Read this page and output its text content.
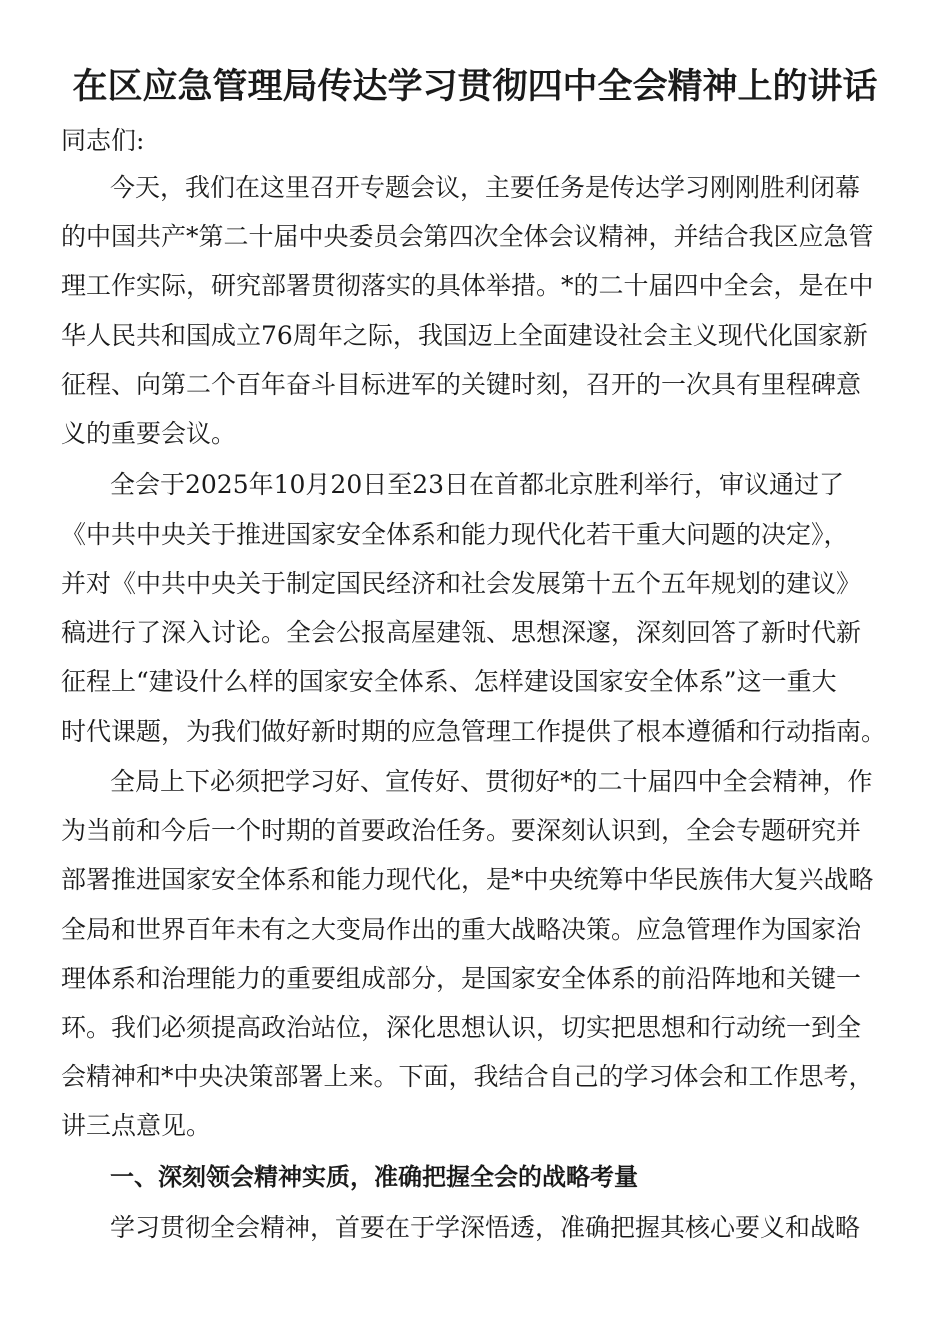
在区应急管理局传达学习贯彻四中全会精神上的讲话
同志们:
今天，我们在这里召开专题会议，主要任务是传达学习刚刚胜利闭幕
的中国共产*第二十届中央委员会第四次全体会议精神，并结合我区应急管
理工作实际，研究部署贯彻落实的具体举措。*的二十届四中全会，是在中
华人民共和国成立76周年之际，我国迈上全面建设社会主义现代化国家新
征程、向第二个百年奋斗目标进军的关键时刻，召开的一次具有里程碑意
义的重要会议。
全会于2025年10月20日至23日在首都北京胜利举行，审议通过了
《中共中央关于推进国家安全体系和能力现代化若干重大问题的决定》，
并对《中共中央关于制定国民经济和社会发展第十五个五年规划的建议》
稿进行了深入讨论。全会公报高屋建瓴、思想深邃，深刻回答了新时代新
征程上“建设什么样的国家安全体系、怎样建设国家安全体系”这一重大
时代课题，为我们做好新时期的应急管理工作提供了根本遵循和行动指南。
全局上下必须把学习好、宣传好、贯彻好*的二十届四中全会精神，作
为当前和今后一个时期的首要政治任务。要深刻认识到，全会专题研究并
部署推进国家安全体系和能力现代化，是*中央统筹中华民族伟大复兴战略
全局和世界百年未有之大变局作出的重大战略决策。应急管理作为国家治
理体系和治理能力的重要组成部分，是国家安全体系的前沿阵地和关键一
环。我们必须提高政治站位，深化思想认识，切实把思想和行动统一到全
会精神和*中央决策部署上来。下面，我结合自己的学习体会和工作思考，
讲三点意见。
一、深刻领会精神实质，准确把握全会的战略考量
学习贯彻全会精神，首要在于学深悟透，准确把握其核心要义和战略
